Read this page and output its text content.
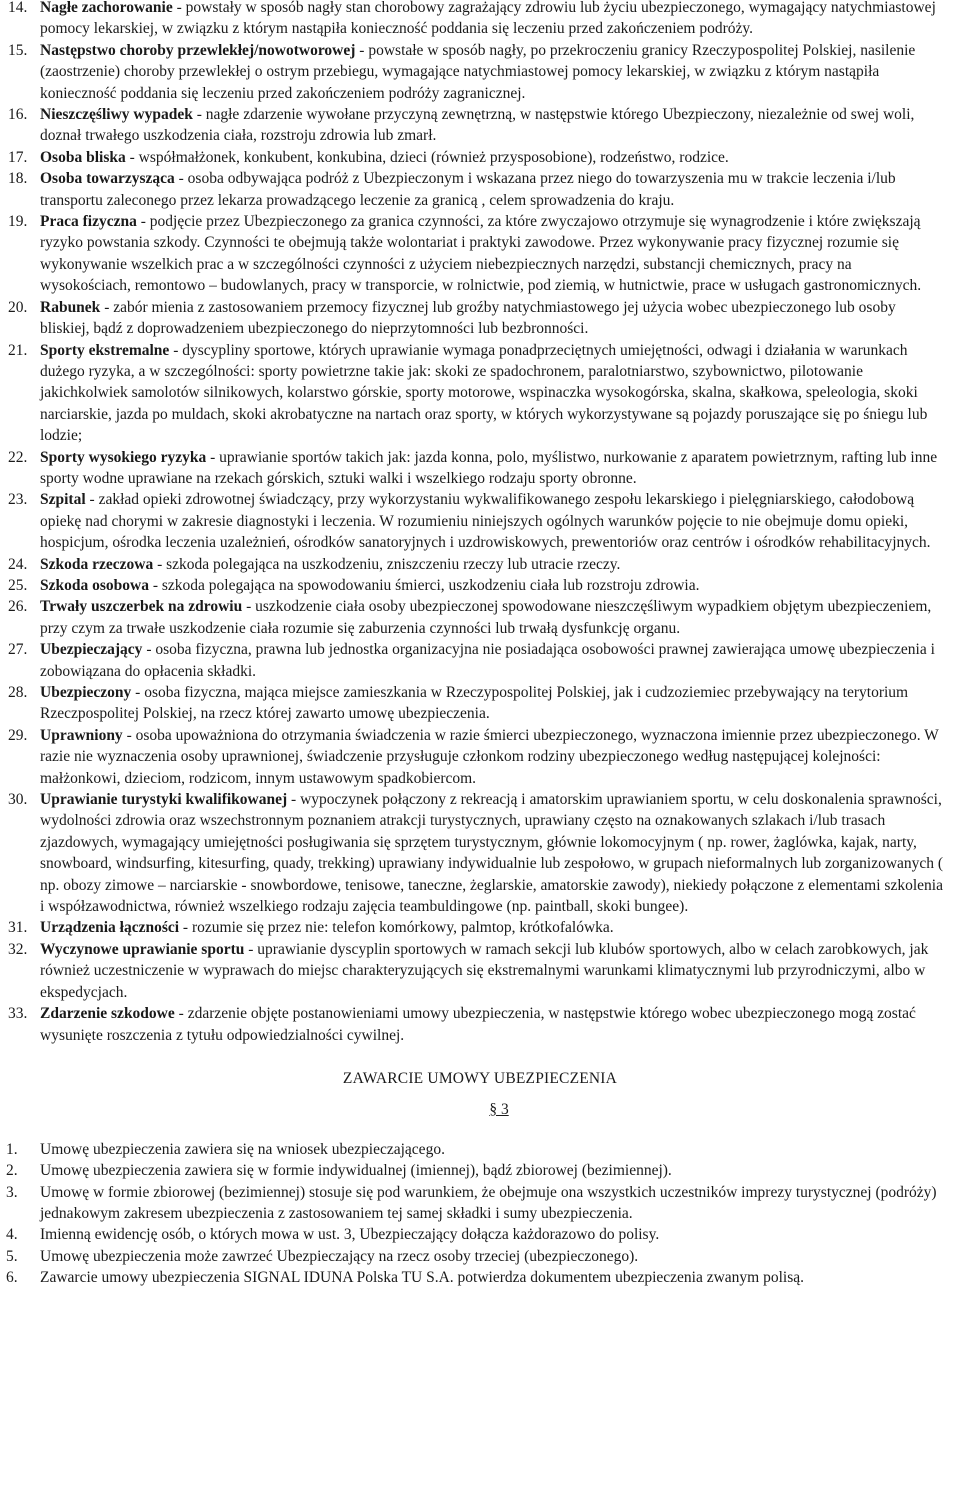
14. Nagłe zachorowanie - powstały w sposób nagły stan chorobowy zagrażający zdrowiu lub życiu ubezpieczonego, wymagający natychmiastowej pomocy lekarskiej, w związku z którym nastąpiła konieczność poddania się leczeniu przed zakończeniem podróży.
15. Następstwo choroby przewlekłej/nowotworowej - powstałe w sposób nagły, po przekroczeniu granicy Rzeczypospolitej Polskiej, nasilenie (zaostrzenie) choroby przewlekłej o ostrym przebiegu, wymagające natychmiastowej pomocy lekarskiej, w związku z którym nastąpiła konieczność poddania się leczeniu przed zakończeniem podróży zagranicznej.
16. Nieszczęśliwy wypadek - nagłe zdarzenie wywołane przyczyną zewnętrzną, w następstwie którego Ubezpieczony, niezależnie od swej woli, doznał trwałego uszkodzenia ciała, rozstroju zdrowia lub zmarł.
17. Osoba bliska - współmałżonek, konkubent, konkubina, dzieci (również przysposobione), rodzeństwo, rodzice.
18. Osoba towarzysząca - osoba odbywająca podróż z Ubezpieczonym i wskazana przez niego do towarzyszenia mu w trakcie leczenia i/lub transportu zaleconego przez lekarza prowadzącego leczenie za granicą , celem sprowadzenia do kraju.
19. Praca fizyczna - podjęcie przez Ubezpieczonego za granica czynności, za które zwyczajowo otrzymuje się wynagrodzenie i które zwiększają ryzyko powstania szkody. Czynności te obejmują także wolontariat i praktyki zawodowe. Przez wykonywanie pracy fizycznej rozumie się wykonywanie wszelkich prac a w szczególności czynności z użyciem niebezpiecznych narzędzi, substancji chemicznych, pracy na wysokościach, remontowo – budowlanych, pracy w transporcie, w rolnictwie, pod ziemią, w hutnictwie, prace w usługach gastronomicznych.
20. Rabunek - zabór mienia z zastosowaniem przemocy fizycznej lub groźby natychmiastowego jej użycia wobec ubezpieczonego lub osoby bliskiej, bądź z doprowadzeniem ubezpieczonego do nieprzytomności lub bezbronności.
21. Sporty ekstremalne - dyscypliny sportowe, których uprawianie wymaga ponadprzeciętnych umiejętności, odwagi i działania w warunkach dużego ryzyka, a w szczególności: sporty powietrzne takie jak: skoki ze spadochronem, paralotniarstwo, szybownictwo, pilotowanie jakichkolwiek samolotów silnikowych, kolarstwo górskie, sporty motorowe, wspinaczka wysokogórska, skalna, skałkowa, speleologia, skoki narciarskie, jazda po muldach, skoki akrobatyczne na nartach oraz sporty, w których wykorzystywane są pojazdy poruszające się po śniegu lub lodzie;
22. Sporty wysokiego ryzyka - uprawianie sportów takich jak: jazda konna, polo, myślistwo, nurkowanie z aparatem powietrznym, rafting lub inne sporty wodne uprawiane na rzekach górskich, sztuki walki i wszelkiego rodzaju sporty obronne.
23. Szpital - zakład opieki zdrowotnej świadczący, przy wykorzystaniu wykwalifikowanego zespołu lekarskiego i pielęgniarskiego, całodobową opiekę nad chorymi w zakresie diagnostyki i leczenia. W rozumieniu niniejszych ogólnych warunków pojęcie to nie obejmuje domu opieki, hospicjum, ośrodka leczenia uzależnień, ośrodków sanatoryjnych i uzdrowiskowych, prewentoriów oraz centrów i ośrodków rehabilitacyjnych.
24. Szkoda rzeczowa - szkoda polegająca na uszkodzeniu, zniszczeniu rzeczy lub utracie rzeczy.
25. Szkoda osobowa - szkoda polegająca na spowodowaniu śmierci, uszkodzeniu ciała lub rozstroju zdrowia.
26. Trwały uszczerbek na zdrowiu - uszkodzenie ciała osoby ubezpieczonej spowodowane nieszczęśliwym wypadkiem objętym ubezpieczeniem, przy czym za trwałe uszkodzenie ciała rozumie się zaburzenia czynności lub trwałą dysfunkcję organu.
27. Ubezpieczający - osoba fizyczna, prawna lub jednostka organizacyjna nie posiadająca osobowości prawnej zawierająca umowę ubezpieczenia i zobowiązana do opłacenia składki.
28. Ubezpieczony - osoba fizyczna, mająca miejsce zamieszkania w Rzeczypospolitej Polskiej, jak i cudzoziemiec przebywający na terytorium Rzeczpospolitej Polskiej, na rzecz której zawarto umowę ubezpieczenia.
29. Uprawniony - osoba upoważniona do otrzymania świadczenia w razie śmierci ubezpieczonego, wyznaczona imiennie przez ubezpieczonego. W razie nie wyznaczenia osoby uprawnionej, świadczenie przysługuje członkom rodziny ubezpieczonego według następującej kolejności: małżonkowi, dzieciom, rodzicom, innym ustawowym spadkobiercom.
30. Uprawianie turystyki kwalifikowanej - wypoczynek połączony z rekreacją i amatorskim uprawianiem sportu, w celu doskonalenia sprawności, wydolności zdrowia oraz wszechstronnym poznaniem atrakcji turystycznych, uprawiany często na oznakowanych szlakach i/lub trasach zjazdowych, wymagający umiejętności posługiwania się sprzętem turystycznym, głównie lokomocyjnym ( np. rower, żaglówka, kajak, narty, snowboard, windsurfing, kitesurfing, quady, trekking) uprawiany indywidualnie lub zespołowo, w grupach nieformalnych lub zorganizowanych ( np. obozy zimowe – narciarskie - snowbordowe, tenisowe, taneczne, żeglarskie, amatorskie zawody), niekiedy połączone z elementami szkolenia i współzawodnictwa, również wszelkiego rodzaju zajęcia teambuldingowe (np. paintball, skoki bungee).
31. Urządzenia łączności - rozumie się przez nie: telefon komórkowy, palmtop, krótkofalówka.
32. Wyczynowe uprawianie sportu - uprawianie dyscyplin sportowych w ramach sekcji lub klubów sportowych, albo w celach zarobkowych, jak również uczestniczenie w wyprawach do miejsc charakteryzujących się ekstremalnymi warunkami klimatycznymi lub przyrodniczymi, albo w ekspedycjach.
33. Zdarzenie szkodowe - zdarzenie objęte postanowieniami umowy ubezpieczenia, w następstwie którego wobec ubezpieczonego mogą zostać wysunięte roszczenia z tytułu odpowiedzialności cywilnej.
ZAWARCIE UMOWY UBEZPIECZENIA
§ 3
1. Umowę ubezpieczenia zawiera się na wniosek ubezpieczającego.
2. Umowę ubezpieczenia zawiera się w formie indywidualnej (imiennej), bądź zbiorowej (bezimiennej).
3. Umowę w formie zbiorowej (bezimiennej) stosuje się pod warunkiem, że obejmuje ona wszystkich uczestników imprezy turystycznej (podróży) jednakowym zakresem ubezpieczenia z zastosowaniem tej samej składki i sumy ubezpieczenia.
4. Imienną ewidencję osób, o których mowa w ust. 3, Ubezpieczający dołącza każdorazowo do polisy.
5. Umowę ubezpieczenia może zawrzeć Ubezpieczający na rzecz osoby trzeciej (ubezpieczonego).
6. Zawarcie umowy ubezpieczenia SIGNAL IDUNA Polska TU S.A. potwierdza dokumentem ubezpieczenia zwanym polisą.
